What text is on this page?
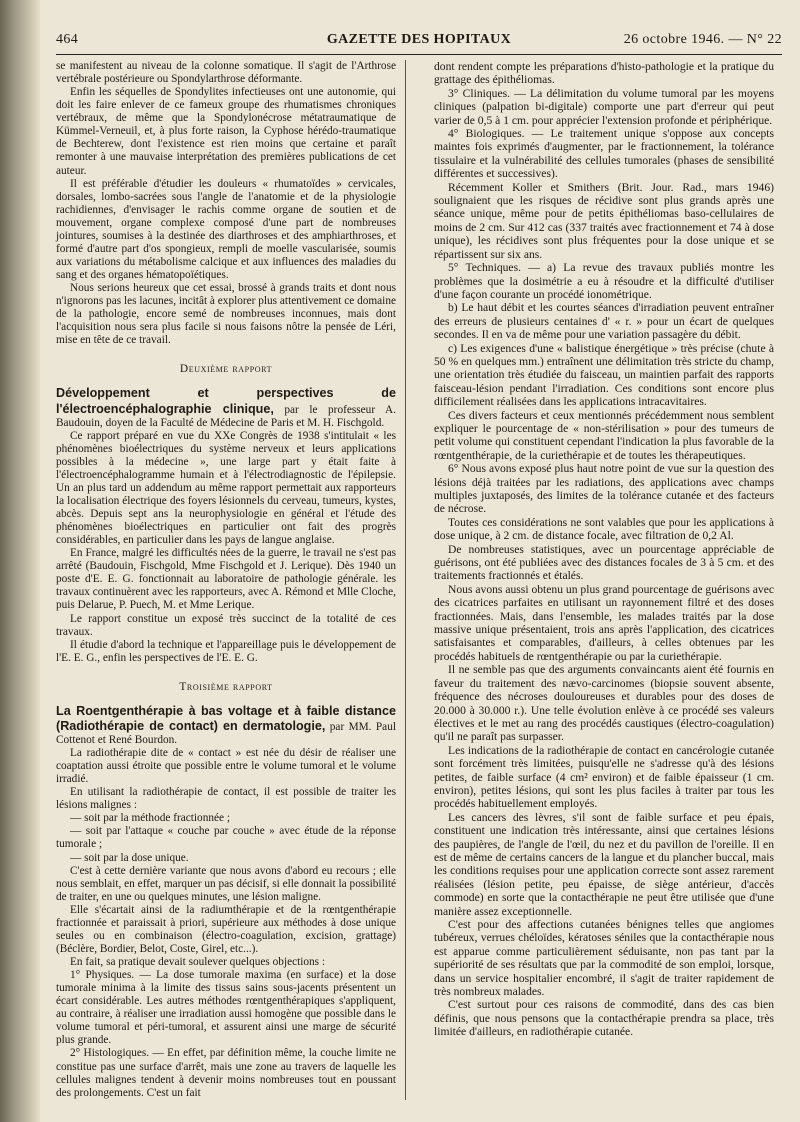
464	GAZETTE DES HOPITAUX	26 octobre 1946. — N° 22

se manifestent au niveau de la colonne somatique. Il s'agit de l'Arthrose vertébrale postérieure ou Spondylarthrose déformante.

Enfin les séquelles de Spondylites infectieuses ont une autonomie, qui doit les faire enlever de ce fameux groupe des rhumatismes chroniques vertébraux, de même que la Spondylonécrose métatraumatique de Kümmel-Verneuil, et, à plus forte raison, la Cyphose hérédo-traumatique de Bechterew, dont l'existence est rien moins que certaine et paraît remonter à une mauvaise interprétation des premières publications de cet auteur.

Il est préférable d'étudier les douleurs « rhumatoïdes » cervicales, dorsales, lombo-sacrées sous l'angle de l'anatomie et de la physiologie rachidiennes, d'envisager le rachis comme organe de soutien et de mouvement, organe complexe composé d'une part de nombreuses jointures, soumises à la destinée des diarthroses et des amphiarthroses, et formé d'autre part d'os spongieux, rempli de moelle vascularisée, soumis aux variations du métabolisme calcique et aux influences des maladies du sang et des organes hématopoïétiques.

Nous serions heureux que cet essai, brossé à grands traits et dont nous n'ignorons pas les lacunes, incitât à explorer plus attentivement ce domaine de la pathologie, encore semé de nombreuses inconnues, mais dont l'acquisition nous sera plus facile si nous faisons nôtre la pensée de Léri, mise en tête de ce travail.

Deuxième rapport

Développement et perspectives de l'électroencéphalographie clinique, par le professeur A. Baudouin, doyen de la Faculté de Médecine de Paris et M. H. Fischgold.

Ce rapport préparé en vue du XXe Congrès de 1938 s'intitulait « les phénomènes bioélectriques du système nerveux et leurs applications possibles à la médecine », une large part y était faite à l'électroencéphalogramme humain et à l'électrodiagnostic de l'épilepsie. Un an plus tard un addendum au même rapport permettait aux rapporteurs la localisation électrique des foyers lésionnels du cerveau, tumeurs, kystes, abcès. Depuis sept ans la neurophysiologie en général et l'étude des phénomènes bioélectriques en particulier ont fait des progrès considérables, en particulier dans les pays de langue anglaise.

En France, malgré les difficultés nées de la guerre, le travail ne s'est pas arrêté (Baudouin, Fischgold, Mme Fischgold et J. Lerique). Dès 1940 un poste d'E. E. G. fonctionnait au laboratoire de pathologie générale. les travaux continuèrent avec les rapporteurs, avec A. Rémond et Mlle Cloche, puis Delarue, P. Puech, M. et Mme Lerique.

Le rapport constitue un exposé très succinct de la totalité de ces travaux.

Il étudie d'abord la technique et l'appareillage puis le développement de l'E. E. G., enfin les perspectives de l'E. E. G.

Troisième rapport

La Roentgenthérapie à bas voltage et à faible distance (Radiothérapie de contact) en dermatologie, par MM. Paul Cottenot et René Bourdon.

La radiothérapie dite de « contact » est née du désir de réaliser une coaptation aussi étroite que possible entre le volume tumoral et le volume irradié.

En utilisant la radiothérapie de contact, il est possible de traiter les lésions malignes :

— soit par la méthode fractionnée ;

— soit par l'attaque « couche par couche » avec étude de la réponse tumorale ;

— soit par la dose unique.

C'est à cette dernière variante que nous avons d'abord eu recours ; elle nous semblait, en effet, marquer un pas décisif, si elle donnait la possibilité de traiter, en une ou quelques minutes, une lésion maligne.

Elle s'écartait ainsi de la radiumthérapie et de la rœntgenthérapie fractionnée et paraissait à priori, supérieure aux méthodes à dose unique seules ou en combinaison (électro-coagulation, excision, grattage) (Béclère, Bordier, Belot, Coste, Girel, etc...).

En fait, sa pratique devait soulever quelques objections :

1° Physiques. — La dose tumorale maxima (en surface) et la dose tumorale minima à la limite des tissus sains sous-jacents présentent un écart considérable. Les autres méthodes rœntgenthérapiques s'appliquent, au contraire, à réaliser une irradiation aussi homogène que possible dans le volume tumoral et péri-tumoral, et assurent ainsi une marge de sécurité plus grande.

2° Histologiques. — En effet, par définition même, la couche limite ne constitue pas une surface d'arrêt, mais une zone au travers de laquelle les cellules malignes tendent à devenir moins nombreuses tout en poussant des prolongements. C'est un fait

dont rendent compte les préparations d'histo-pathologie et la pratique du grattage des épithéliomas.

3° Cliniques. — La délimitation du volume tumoral par les moyens cliniques (palpation bi-digitale) comporte une part d'erreur qui peut varier de 0,5 à 1 cm. pour apprécier l'extension profonde et périphérique.

4° Biologiques. — Le traitement unique s'oppose aux concepts maintes fois exprimés d'augmenter, par le fractionnement, la tolérance tissulaire et la vulnérabilité des cellules tumorales (phases de sensibilité différentes et successives).

Récemment Koller et Smithers (Brit. Jour. Rad., mars 1946) soulignaient que les risques de récidive sont plus grands après une séance unique, même pour de petits épithéliomas baso-cellulaires de moins de 2 cm. Sur 412 cas (337 traités avec fractionnement et 74 à dose unique), les récidives sont plus fréquentes pour la dose unique et se répartissent sur six ans.

5° Techniques. — a) La revue des travaux publiés montre les problèmes que la dosimétrie a eu à résoudre et la difficulté d'utiliser d'une façon courante un procédé ionométrique.

b) Le haut débit et les courtes séances d'irradiation peuvent entraîner des erreurs de plusieurs centaines d' « r. » pour un écart de quelques secondes. Il en va de même pour une variation passagère du débit.

c) Les exigences d'une « balistique énergétique » très précise (chute à 50 % en quelques mm.) entraînent une délimitation très stricte du champ, une orientation très étudiée du faisceau, un maintien parfait des rapports faisceau-lésion pendant l'irradiation. Ces conditions sont encore plus difficilement réalisées dans les applications intracavitaires.

Ces divers facteurs et ceux mentionnés précédemment nous semblent expliquer le pourcentage de « non-stérilisation » pour des tumeurs de petit volume qui constituent cependant l'indication la plus favorable de la rœntgenthérapie, de la curiethérapie et de toutes les thérapeutiques.

6° Nous avons exposé plus haut notre point de vue sur la question des lésions déjà traitées par les radiations, des applications avec champs multiples juxtaposés, des limites de la tolérance cutanée et des facteurs de nécrose.

Toutes ces considérations ne sont valables que pour les applications à dose unique, à 2 cm. de distance focale, avec filtration de 0,2 Al.

De nombreuses statistiques, avec un pourcentage appréciable de guérisons, ont été publiées avec des distances focales de 3 à 5 cm. et des traitements fractionnés et étalés.

Nous avons aussi obtenu un plus grand pourcentage de guérisons avec des cicatrices parfaites en utilisant un rayonnement filtré et des doses fractionnées. Mais, dans l'ensemble, les malades traités par la dose massive unique présentaient, trois ans après l'application, des cicatrices satisfaisantes et comparables, d'ailleurs, à celles obtenues par les procédés habituels de rœntgenthérapie ou par la curiethérapie.

Il ne semble pas que des arguments convaincants aient été fournis en faveur du traitement des nævo-carcinomes (biopsie souvent absente, fréquence des nécroses douloureuses et durables pour des doses de 20.000 à 30.000 r.). Une telle évolution enlève à ce procédé ses valeurs électives et le met au rang des procédés caustiques (électro-coagulation) qu'il ne paraît pas surpasser.

Les indications de la radiothérapie de contact en cancérologie cutanée sont forcément très limitées, puisqu'elle ne s'adresse qu'à des lésions petites, de faible surface (4 cm² environ) et de faible épaisseur (1 cm. environ), petites lésions, qui sont les plus faciles à traiter par tous les procédés habituellement employés.

Les cancers des lèvres, s'il sont de faible surface et peu épais, constituent une indication très intéressante, ainsi que certaines lésions des paupières, de l'angle de l'œil, du nez et du pavillon de l'oreille. Il en est de même de certains cancers de la langue et du plancher buccal, mais les conditions requises pour une application correcte sont assez rarement réalisées (lésion petite, peu épaisse, de siège antérieur, d'accès commode) en sorte que la contacthérapie ne peut être utilisée que d'une manière assez exceptionnelle.

C'est pour des affections cutanées bénignes telles que angiomes tubéreux, verrues chéloïdes, kératoses séniles que la contacthérapie nous est apparue comme particulièrement séduisante, non pas tant par la supériorité de ses résultats que par la commodité de son emploi, lorsque, dans un service hospitalier encombré, il s'agit de traiter rapidement de très nombreux malades.

C'est surtout pour ces raisons de commodité, dans des cas bien définis, que nous pensons que la contacthérapie prendra sa place, très limitée d'ailleurs, en radiothérapie cutanée.
